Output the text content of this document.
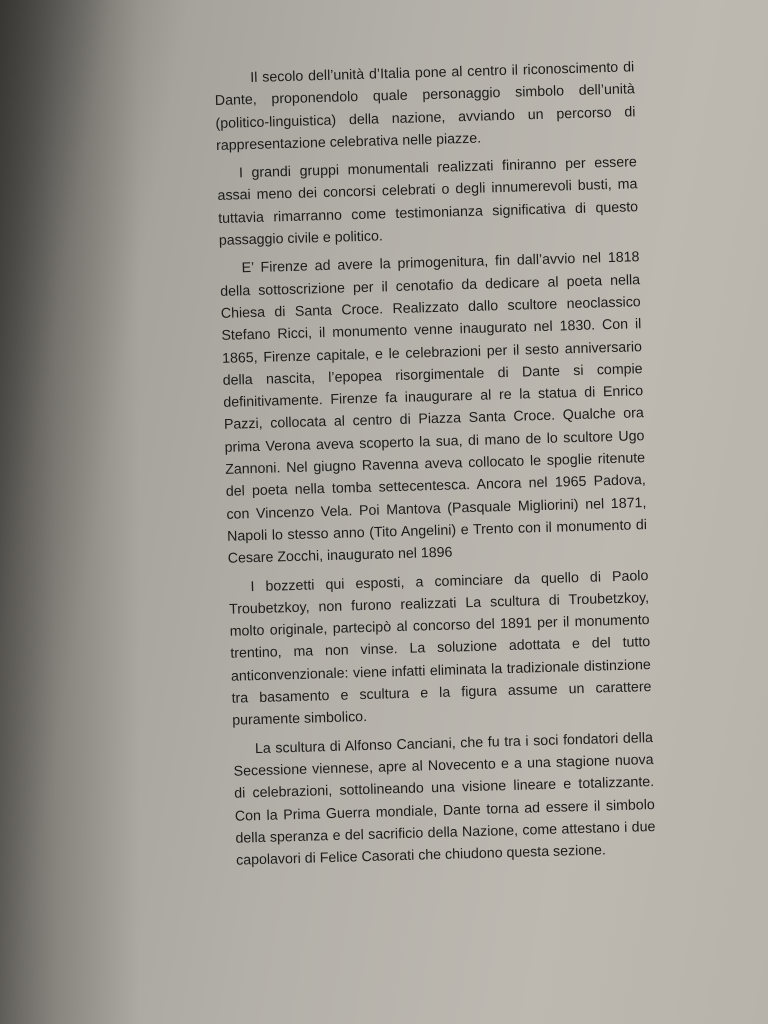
Il secolo dell’unità d’Italia pone al centro il riconoscimento di Dante, proponendolo quale personaggio simbolo dell’unità (politico-linguistica) della nazione, avviando un percorso di rappresentazione celebrativa nelle piazze.

I grandi gruppi monumentali realizzati finiranno per essere assai meno dei concorsi celebrati o degli innumerevoli busti, ma tuttavia rimarranno come testimonianza significativa di questo passaggio civile e politico.

E’ Firenze ad avere la primogenitura, fin dall’avvio nel 1818 della sottoscrizione per il cenotafio da dedicare al poeta nella Chiesa di Santa Croce. Realizzato dallo scultore neoclassico Stefano Ricci, il monumento venne inaugurato nel 1830. Con il 1865, Firenze capitale, e le celebrazioni per il sesto anniversario della nascita, l’epopea risorgimentale di Dante si compie definitivamente. Firenze fa inaugurare al re la statua di Enrico Pazzi, collocata al centro di Piazza Santa Croce. Qualche ora prima Verona aveva scoperto la sua, di mano de lo scultore Ugo Zannoni. Nel giugno Ravenna aveva collocato le spoglie ritenute del poeta nella tomba settecentesca. Ancora nel 1965 Padova, con Vincenzo Vela. Poi Mantova (Pasquale Migliorini) nel 1871, Napoli lo stesso anno (Tito Angelini) e Trento con il monumento di Cesare Zocchi, inaugurato nel 1896

I bozzetti qui esposti, a cominciare da quello di Paolo Troubetzkoy, non furono realizzati La scultura di Troubetzkoy, molto originale, partecipò al concorso del 1891 per il monumento trentino, ma non vinse. La soluzione adottata e del tutto anticonvenzionale: viene infatti eliminata la tradizionale distinzione tra basamento e scultura e la figura assume un carattere puramente simbolico.

La scultura di Alfonso Canciani, che fu tra i soci fondatori della Secessione viennese, apre al Novecento e a una stagione nuova di celebrazioni, sottolineando una visione lineare e totalizzante. Con la Prima Guerra mondiale, Dante torna ad essere il simbolo della speranza e del sacrificio della Nazione, come attestano i due capolavori di Felice Casorati che chiudono questa sezione.
